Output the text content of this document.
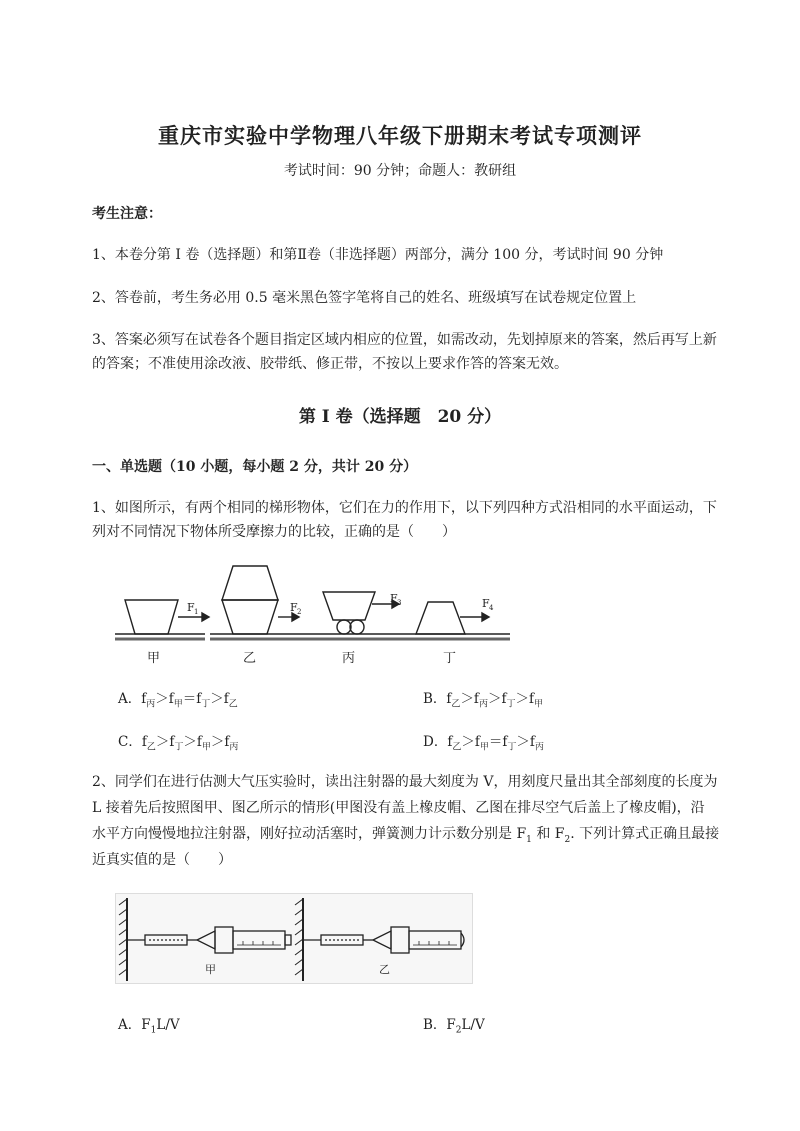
重庆市实验中学物理八年级下册期末考试专项测评
考试时间：90 分钟；命题人：教研组
考生注意：
1、本卷分第 I 卷（选择题）和第Ⅱ卷（非选择题）两部分，满分 100 分，考试时间 90 分钟
2、答卷前，考生务必用 0.5 毫米黑色签字笔将自己的姓名、班级填写在试卷规定位置上
3、答案必须写在试卷各个题目指定区域内相应的位置，如需改动，先划掉原来的答案，然后再写上新
的答案；不准使用涂改液、胶带纸、修正带，不按以上要求作答的答案无效。
第 I 卷（选择题　20 分）
一、单选题（10 小题，每小题 2 分，共计 20 分）
1、如图所示，有两个相同的梯形物体，它们在力的作用下，以下列四种方式沿相同的水平面运动，下
列对不同情况下物体所受摩擦力的比较，正确的是（　　）
F 1	F 2
F 3	F 4
甲	乙	丙	丁
A．$f_丙>f_甲=f_丁>f_乙$	B．$f_乙>f_丙>f_丁>f_甲$
C．$f_乙>f_丁>f_甲>f_丙$	D．$f_乙>f_甲=f_丁>f_丙$
2、同学们在进行估测大气压实验时，读出注射器的最大刻度为 V，用刻度尺量出其全部刻度的长度为
L 接着先后按照图甲、图乙所示的情形(甲图没有盖上橡皮帽、乙图在排尽空气后盖上了橡皮帽)，沿
水平方向慢慢地拉注射器，刚好拉动活塞时，弹簧测力计示数分别是 $F_1$ 和 $F_2$. 下列计算式正确且最接
近真实值的是（　　）
甲	乙
A．$F_1L/V$	B．$F_2L/V$
